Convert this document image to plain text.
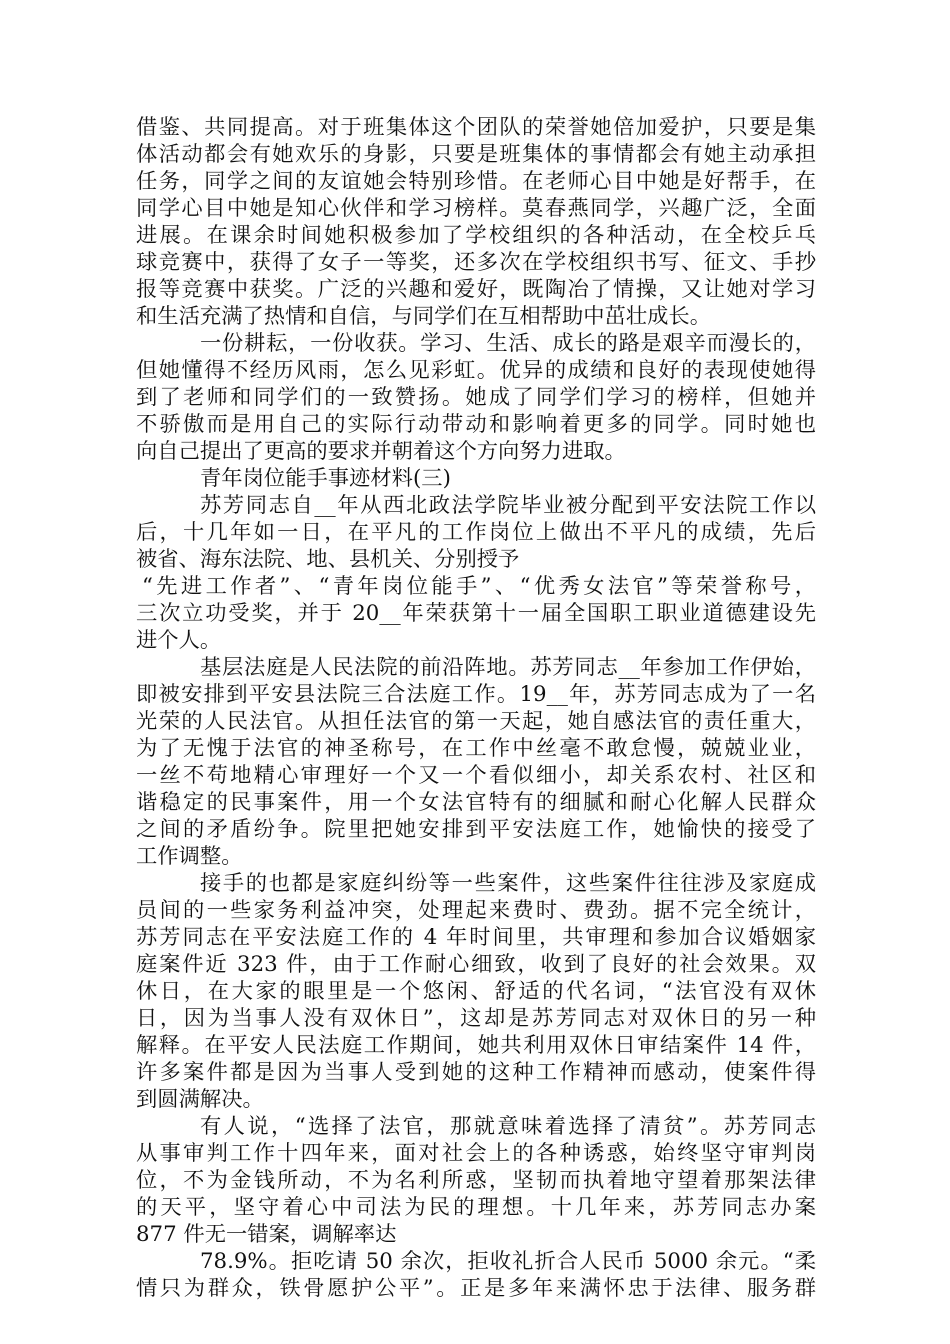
借鉴、共同提高。对于班集体这个团队的荣誉她倍加爱护，只要是集
体活动都会有她欢乐的身影，只要是班集体的事情都会有她主动承担
任务，同学之间的友谊她会特别珍惜。在老师心目中她是好帮手，在
同学心目中她是知心伙伴和学习榜样。莫春燕同学，兴趣广泛，全面
进展。在课余时间她积极参加了学校组织的各种活动，在全校乒乓
球竞赛中，获得了女子一等奖，还多次在学校组织书写、征文、手抄
报等竞赛中获奖。广泛的兴趣和爱好，既陶冶了情操，又让她对学习
和生活充满了热情和自信，与同学们在互相帮助中茁壮成长。
一份耕耘，一份收获。学习、生活、成长的路是艰辛而漫长的，
但她懂得不经历风雨，怎么见彩虹。优异的成绩和良好的表现使她得
到了老师和同学们的一致赞扬。她成了同学们学习的榜样，但她并
不骄傲而是用自己的实际行动带动和影响着更多的同学。同时她也
向自己提出了更高的要求并朝着这个方向努力进取。
青年岗位能手事迹材料(三)
苏芳同志自__年从西北政法学院毕业被分配到平安法院工作以
后，十几年如一日，在平凡的工作岗位上做出不平凡的成绩，先后
被省、海东法院、地、县机关、分别授予
“先进工作者”、“青年岗位能手”、“优秀女法官”等荣誉称号，
三次立功受奖，并于 20__年荣获第十一届全国职工职业道德建设先
进个人。
基层法庭是人民法院的前沿阵地。苏芳同志__年参加工作伊始，
即被安排到平安县法院三合法庭工作。19__年，苏芳同志成为了一名
光荣的人民法官。从担任法官的第一天起，她自感法官的责任重大，
为了无愧于法官的神圣称号，在工作中丝毫不敢怠慢，兢兢业业，
一丝不苟地精心审理好一个又一个看似细小，却关系农村、社区和
谐稳定的民事案件，用一个女法官特有的细腻和耐心化解人民群众
之间的矛盾纷争。院里把她安排到平安法庭工作，她愉快的接受了
工作调整。
接手的也都是家庭纠纷等一些案件，这些案件往往涉及家庭成
员间的一些家务利益冲突，处理起来费时、费劲。据不完全统计，
苏芳同志在平安法庭工作的 4 年时间里，共审理和参加合议婚姻家
庭案件近 323 件，由于工作耐心细致，收到了良好的社会效果。双
休日，在大家的眼里是一个悠闲、舒适的代名词，“法官没有双休
日，因为当事人没有双休日”，这却是苏芳同志对双休日的另一种
解释。在平安人民法庭工作期间，她共利用双休日审结案件 14 件，
许多案件都是因为当事人受到她的这种工作精神而感动，使案件得
到圆满解决。
有人说，“选择了法官，那就意味着选择了清贫”。苏芳同志
从事审判工作十四年来，面对社会上的各种诱惑，始终坚守审判岗
位，不为金钱所动，不为名利所惑，坚韧而执着地守望着那架法律
的天平，坚守着心中司法为民的理想。十几年来，苏芳同志办案
877 件无一错案，调解率达
78.9%。拒吃请 50 余次，拒收礼折合人民币 5000 余元。“柔
情只为群众，铁骨愿护公平”。正是多年来满怀忠于法律、服务群
